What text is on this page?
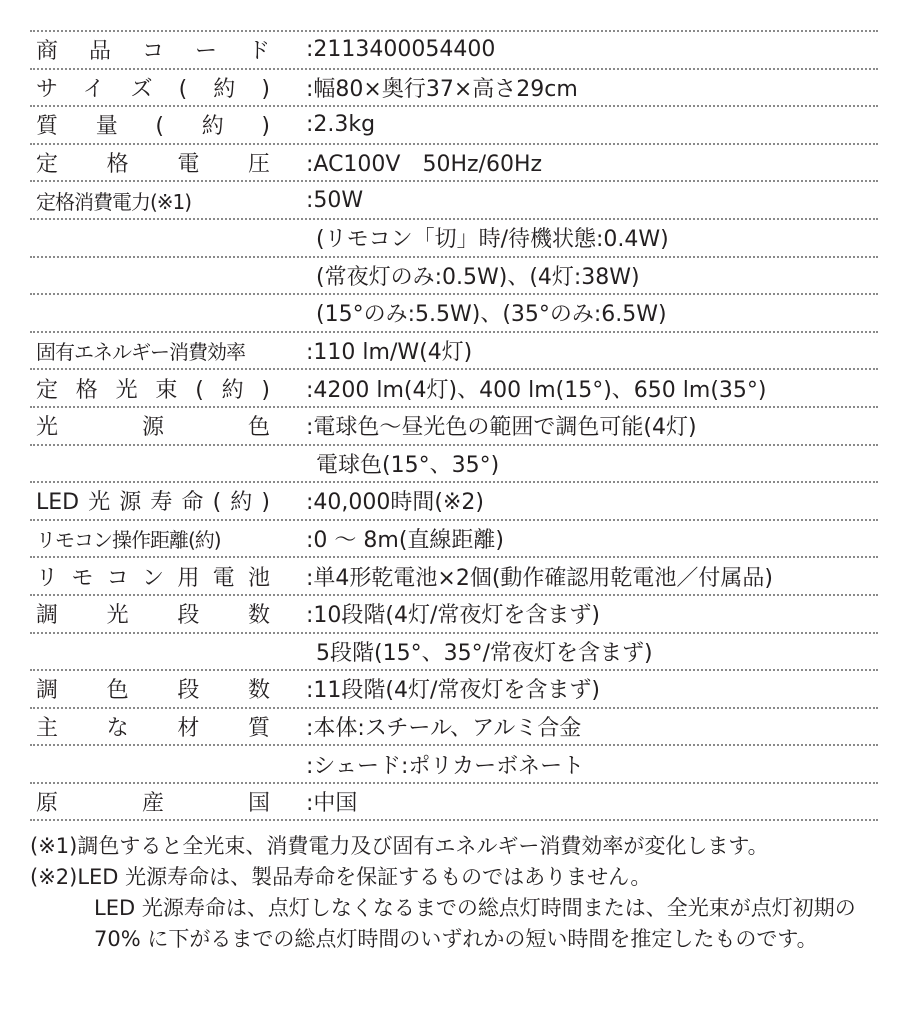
商品コード	:2113400054400
サイズ(約)	:幅80×奥行37×高さ29cm
質量(約)	:2.3kg
定格電圧	:AC100V　50Hz/60Hz
定格消費電力(※1)	:50W
(リモコン「切」時/待機状態:0.4W)
(常夜灯のみ:0.5W)、(4灯:38W)
(15°のみ:5.5W)、(35°のみ:6.5W)
固有エネルギー消費効率	:110 lm/W(4灯)
定格光束(約)	:4200 lm(4灯)、400 lm(15°)、650 lm(35°)
光源色	:電球色～昼光色の範囲で調色可能(4灯)
電球色(15°、35°)
LED光源寿命(約)	:40,000時間(※2)
リモコン操作距離(約)	:0 ～ 8m(直線距離)
リモコン用電池	:単4形乾電池×2個(動作確認用乾電池／付属品)
調光段数	:10段階(4灯/常夜灯を含まず)
5段階(15°、35°/常夜灯を含まず)
調色段数	:11段階(4灯/常夜灯を含まず)
主な材質	:本体:スチール、アルミ合金
:シェード:ポリカーボネート
原産国	:中国
(※1) 調色すると全光束、消費電力及び固有エネルギー消費効率が変化します。

(※2) LED 光源寿命は、製品寿命を保証するものではありません。

LED 光源寿命は、点灯しなくなるまでの総点灯時間または、全光束が点灯初期の 70% に下がるまでの総点灯時間のいずれかの短い時間を推定したものです。
